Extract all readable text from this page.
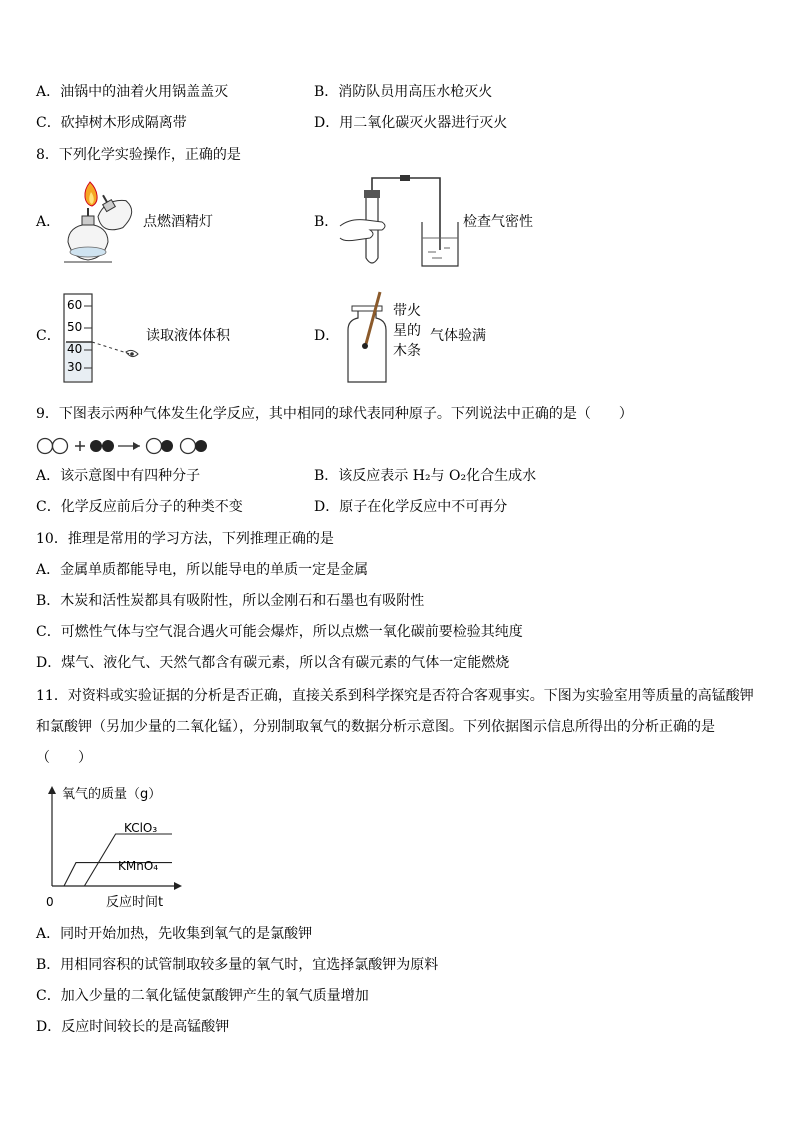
A．油锅中的油着火用锅盖盖灭	B．消防队员用高压水枪灭火
C．砍掉树木形成隔离带	D．用二氧化碳灭火器进行灭火
8．下列化学实验操作，正确的是
A．	点燃酒精灯	B．	检查气密性
C．
60
50
40
30
读取液体体积	D．
带火
星的
木条
气体验满
9．下图表示两种气体发生化学反应，其中相同的球代表同种原子。下列说法中正确的是（　　）
A．该示意图中有四种分子	B．该反应表示 H₂与 O₂化合生成水
C．化学反应前后分子的种类不变	D．原子在化学反应中不可再分
10．推理是常用的学习方法，下列推理正确的是
A．金属单质都能导电，所以能导电的单质一定是金属
B．木炭和活性炭都具有吸附性，所以金刚石和石墨也有吸附性
C．可燃性气体与空气混合遇火可能会爆炸，所以点燃一氧化碳前要检验其纯度
D．煤气、液化气、天然气都含有碳元素，所以含有碳元素的气体一定能燃烧
11．对资料或实验证据的分析是否正确，直接关系到科学探究是否符合客观事实。下图为实验室用等质量的高锰酸钾
和氯酸钾（另加少量的二氧化锰），分别制取氧气的数据分析示意图。下列依据图示信息所得出的分析正确的是
（　　）
氧气的质量（g）
反应时间t
0
KClO₃
KMnO₄
A．同时开始加热，先收集到氧气的是氯酸钾
B．用相同容积的试管制取较多量的氧气时，宜选择氯酸钾为原料
C．加入少量的二氧化锰使氯酸钾产生的氧气质量增加
D．反应时间较长的是高锰酸钾
